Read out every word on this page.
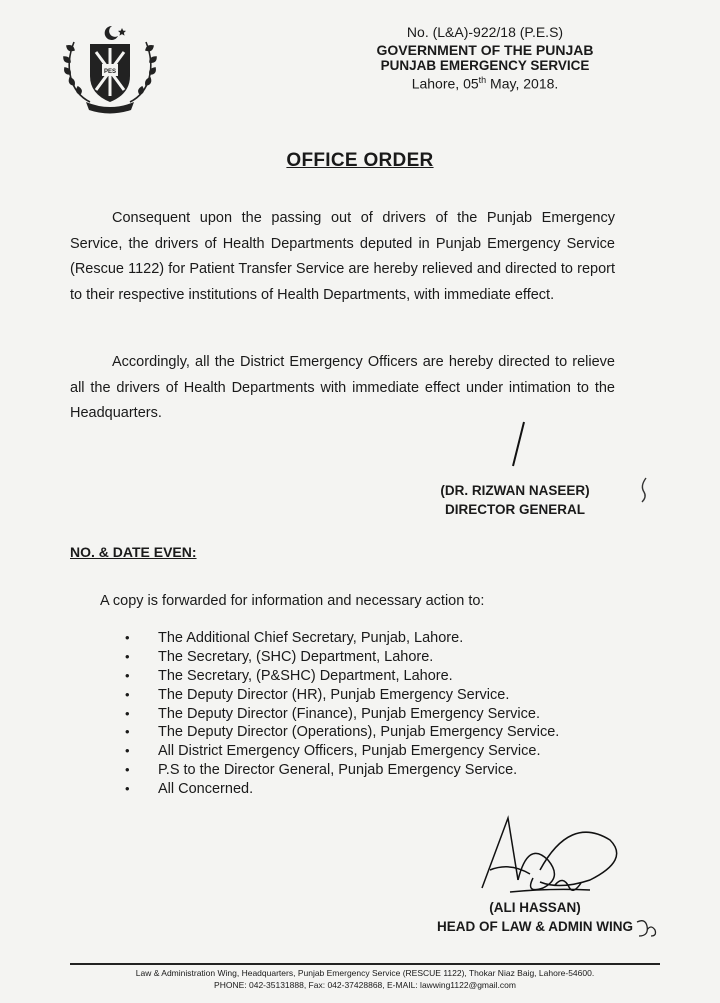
PES
No. (L&A)-922/18 (P.E.S)
GOVERNMENT OF THE PUNJAB
PUNJAB EMERGENCY SERVICE
Lahore, 05th May, 2018.
OFFICE ORDER
Consequent upon the passing out of drivers of the Punjab Emergency Service, the drivers of Health Departments deputed in Punjab Emergency Service (Rescue 1122) for Patient Transfer Service are hereby relieved and directed to report to their respective institutions of Health Departments, with immediate effect.
Accordingly, all the District Emergency Officers are hereby directed to relieve all the drivers of Health Departments with immediate effect under intimation to the Headquarters.
(DR. RIZWAN NASEER)
DIRECTOR GENERAL
NO. & DATE EVEN:
A copy is forwarded for information and necessary action to:
• The Additional Chief Secretary, Punjab, Lahore.
• The Secretary, (SHC) Department, Lahore.
• The Secretary, (P&SHC) Department, Lahore.
• The Deputy Director (HR), Punjab Emergency Service.
• The Deputy Director (Finance), Punjab Emergency Service.
• The Deputy Director (Operations), Punjab Emergency Service.
• All District Emergency Officers, Punjab Emergency Service.
• P.S to the Director General, Punjab Emergency Service.
• All Concerned.
(ALI HASSAN)
HEAD OF LAW & ADMIN WING
Law & Administration Wing, Headquarters, Punjab Emergency Service (RESCUE 1122), Thokar Niaz Baig, Lahore-54600.
PHONE: 042-35131888, Fax: 042-37428868, E-MAIL: lawwing1122@gmail.com
